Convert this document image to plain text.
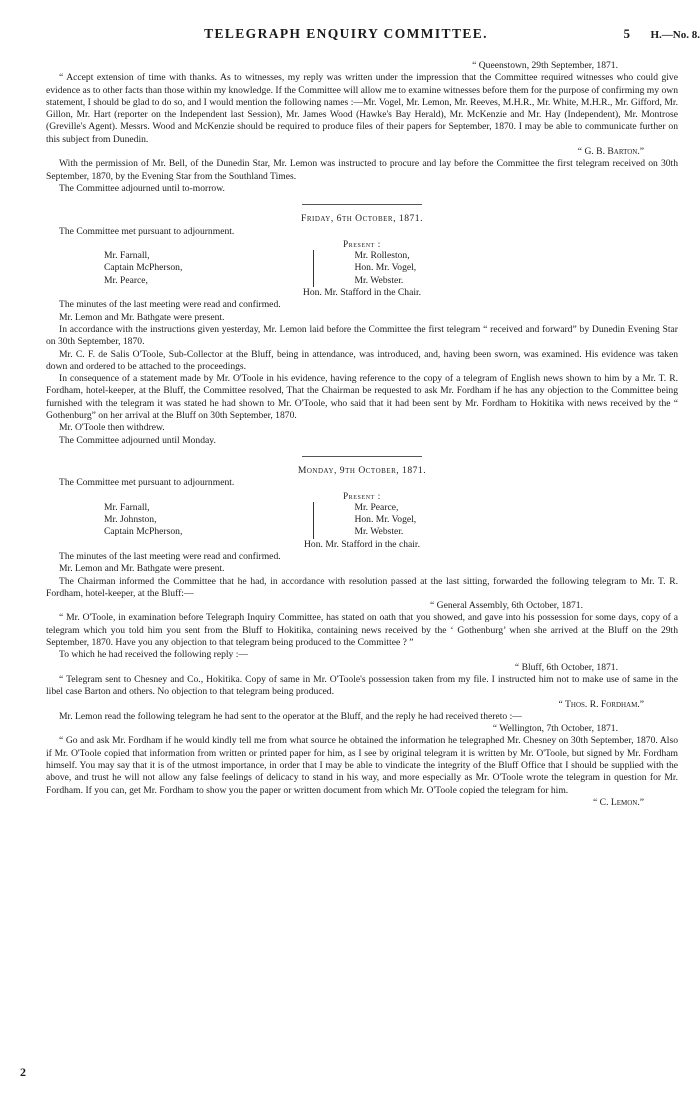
TELEGRAPH ENQUIRY COMMITTEE.	5 H.—No. 8.

“ Queenstown, 29th September, 1871.

“ Accept extension of time with thanks. As to witnesses, my reply was written under the impression that the Committee required witnesses who could give evidence as to other facts than those within my knowledge. If the Committee will allow me to examine witnesses before them for the purpose of confirming my own statement, I should be glad to do so, and I would mention the following names :—Mr. Vogel, Mr. Lemon, Mr. Reeves, M.H.R., Mr. White, M.H.R., Mr. Gifford, Mr. Gillon, Mr. Hart (reporter on the Independent last Session), Mr. James Wood (Hawke's Bay Herald), Mr. McKenzie and Mr. Hay (Independent), Mr. Montrose (Greville's Agent). Messrs. Wood and McKenzie should be required to produce files of their papers for September, 1870. I may be able to communicate further on this subject from Dunedin.

“ G. B. Barton.”

With the permission of Mr. Bell, of the Dunedin Star, Mr. Lemon was instructed to procure and lay before the Committee the first telegram received on 30th September, 1870, by the Evening Star from the Southland Times.

The Committee adjourned until to-morrow.

Friday, 6th October, 1871.

The Committee met pursuant to adjournment.

Present :

Mr. Farnall,
Captain McPherson,
Mr. Pearce,
Mr. Rolleston,
Hon. Mr. Vogel,
Mr. Webster.

Hon. Mr. Stafford in the Chair.

The minutes of the last meeting were read and confirmed.

Mr. Lemon and Mr. Bathgate were present.

In accordance with the instructions given yesterday, Mr. Lemon laid before the Committee the first telegram “ received and forward” by Dunedin Evening Star on 30th September, 1870.

Mr. C. F. de Salis O'Toole, Sub-Collector at the Bluff, being in attendance, was introduced, and, having been sworn, was examined. His evidence was taken down and ordered to be attached to the proceedings.

In consequence of a statement made by Mr. O'Toole in his evidence, having reference to the copy of a telegram of English news shown to him by a Mr. T. R. Fordham, hotel-keeper, at the Bluff, the Committee resolved, That the Chairman be requested to ask Mr. Fordham if he has any objection to the Committee being furnished with the telegram it was stated he had shown to Mr. O'Toole, who said that it had been sent by Mr. Fordham to Hokitika with news received by the “ Gothenburg” on her arrival at the Bluff on 30th September, 1870.

Mr. O'Toole then withdrew.

The Committee adjourned until Monday.

Monday, 9th October, 1871.

The Committee met pursuant to adjournment.

Present :

Mr. Farnall,
Mr. Johnston,
Captain McPherson,
Mr. Pearce,
Hon. Mr. Vogel,
Mr. Webster.

Hon. Mr. Stafford in the chair.

The minutes of the last meeting were read and confirmed.

Mr. Lemon and Mr. Bathgate were present.

The Chairman informed the Committee that he had, in accordance with resolution passed at the last sitting, forwarded the following telegram to Mr. T. R. Fordham, hotel-keeper, at the Bluff:—

“ General Assembly, 6th October, 1871.

“ Mr. O'Toole, in examination before Telegraph Inquiry Committee, has stated on oath that you showed, and gave into his possession for some days, copy of a telegram which you told him you sent from the Bluff to Hokitika, containing news received by the ‘ Gothenburg’ when she arrived at the Bluff on the 29th September, 1870. Have you any objection to that telegram being produced to the Committee ? ”

To which he had received the following reply :—

“ Bluff, 6th October, 1871.

“ Telegram sent to Chesney and Co., Hokitika. Copy of same in Mr. O'Toole's possession taken from my file. I instructed him not to make use of same in the libel case Barton and others. No objection to that telegram being produced.

“ Thos. R. Fordham.”

Mr. Lemon read the following telegram he had sent to the operator at the Bluff, and the reply he had received thereto :—

“ Wellington, 7th October, 1871.

“ Go and ask Mr. Fordham if he would kindly tell me from what source he obtained the information he telegraphed Mr. Chesney on 30th September, 1870. Also if Mr. O'Toole copied that information from written or printed paper for him, as I see by original telegram it is written by Mr. O'Toole, but signed by Mr. Fordham himself. You may say that it is of the utmost importance, in order that I may be able to vindicate the integrity of the Bluff Office that I should be supplied with the above, and trust he will not allow any false feelings of delicacy to stand in his way, and more especially as Mr. O'Toole wrote the telegram in question for Mr. Fordham. If you can, get Mr. Fordham to show you the paper or written document from which Mr. O'Toole copied the telegram for him.

“ C. Lemon.”

2
